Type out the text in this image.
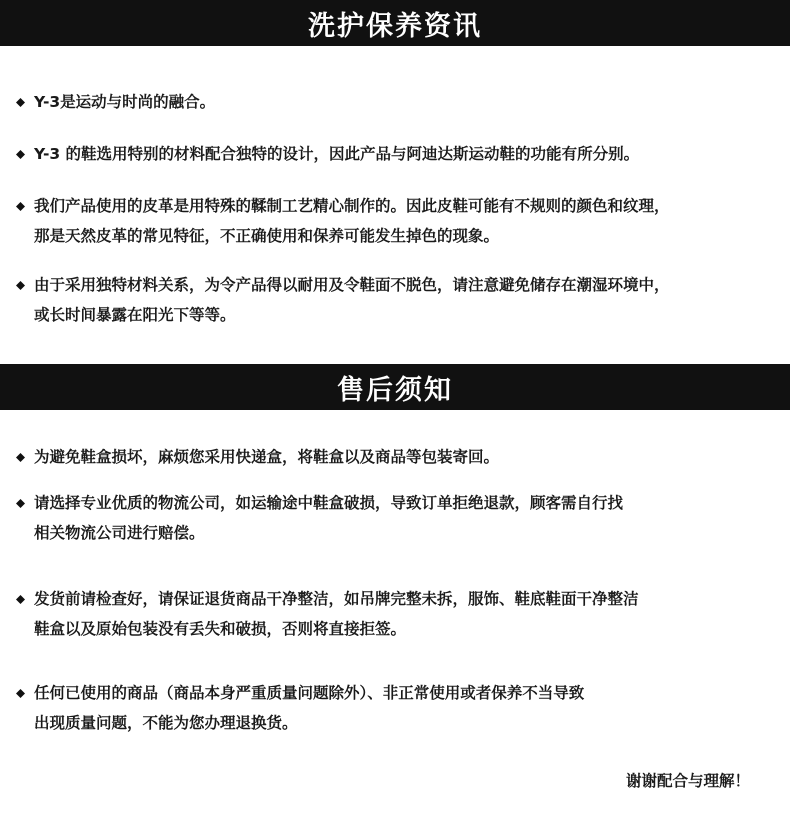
洗护保养资讯
Y-3是运动与时尚的融合。
Y-3 的鞋选用特别的材料配合独特的设计，因此产品与阿迪达斯运动鞋的功能有所分别。
我们产品使用的皮革是用特殊的鞣制工艺精心制作的。因此皮鞋可能有不规则的颜色和纹理，
那是天然皮革的常见特征，不正确使用和保养可能发生掉色的现象。
由于采用独特材料关系，为令产品得以耐用及令鞋面不脱色，请注意避免储存在潮湿环境中，
或长时间暴露在阳光下等等。
售后须知
为避免鞋盒损坏，麻烦您采用快递盒，将鞋盒以及商品等包装寄回。
请选择专业优质的物流公司，如运输途中鞋盒破损，导致订单拒绝退款，顾客需自行找
相关物流公司进行赔偿。
发货前请检查好，请保证退货商品干净整洁，如吊牌完整未拆，服饰、鞋底鞋面干净整洁
鞋盒以及原始包装没有丢失和破损，否则将直接拒签。
任何已使用的商品（商品本身严重质量问题除外）、非正常使用或者保养不当导致
出现质量问题，不能为您办理退换货。
谢谢配合与理解！
